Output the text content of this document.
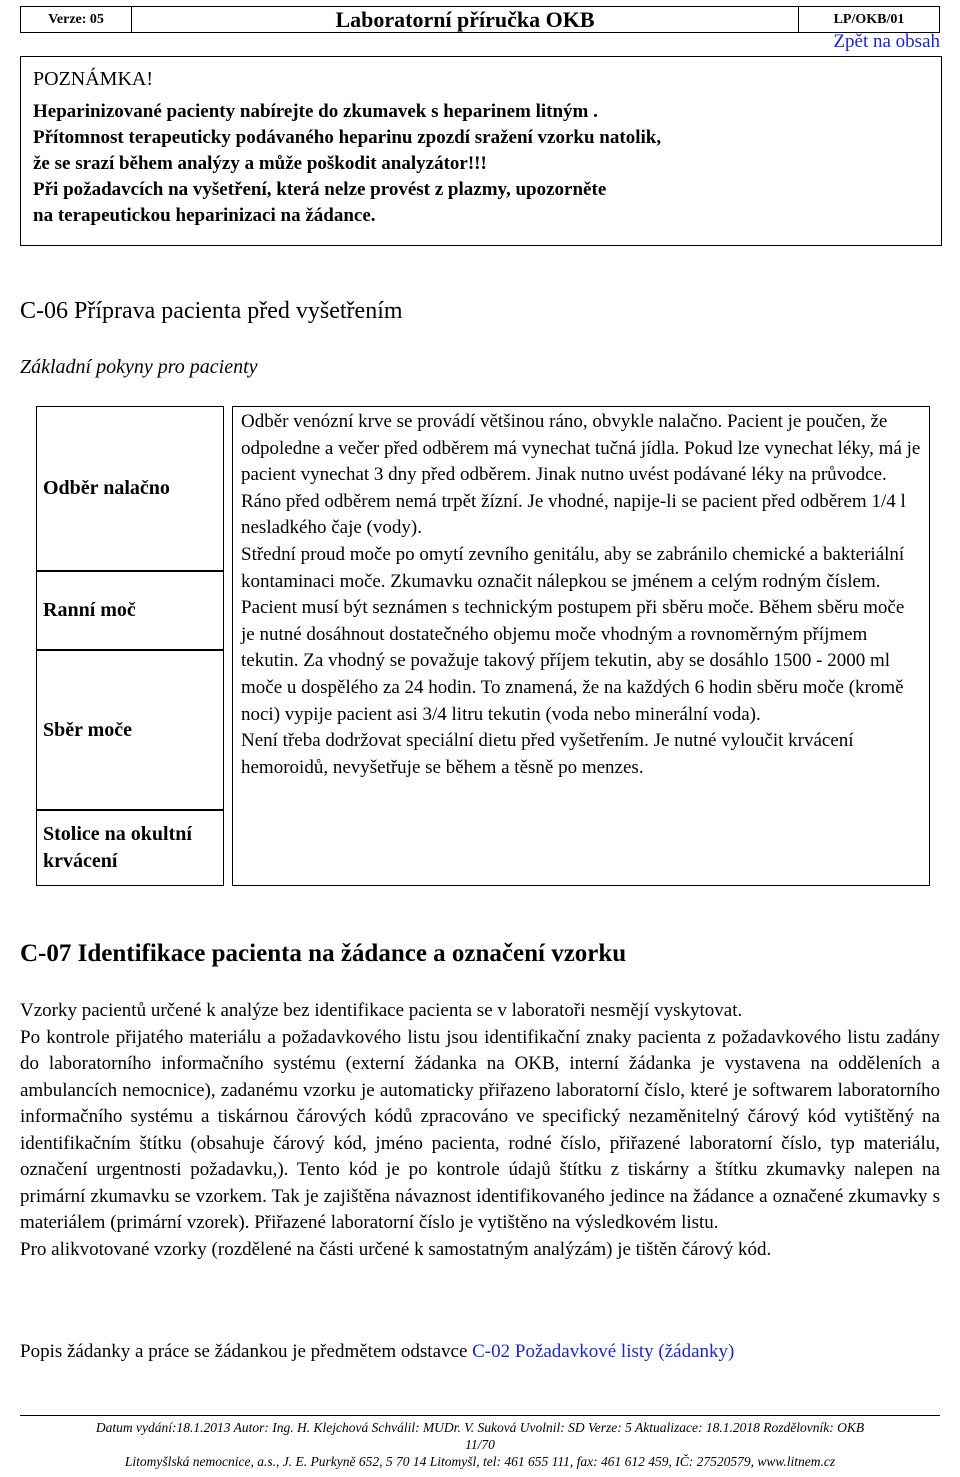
Verze: 05	Laboratorní příručka OKB	LP/OKB/01
Zpět na obsah
POZNÁMKA!
Heparinizované pacienty nabírejte do zkumavek s heparinem litným .
Přítomnost terapeuticky podávaného heparinu zpozdí sražení vzorku natolik,
že se srazí během analýzy a může poškodit analyzátor!!!
Při požadavcích na vyšetření, která nelze provést z plazmy, upozorněte
na terapeutickou heparinizaci na žádance.
C-06 Příprava pacienta před vyšetřením
Základní pokyny pro pacienty
Odběr nalačno
Ranní moč
Sběr moče
Stolice na okultní krvácení

Odběr venózní krve se provádí většinou ráno, obvykle nalačno. Pacient je poučen, že odpoledne a večer před odběrem má vynechat tučná jídla. Pokud lze vynechat léky, má je pacient vynechat 3 dny před odběrem. Jinak nutno uvést podávané léky na průvodce. Ráno před odběrem nemá trpět žízní. Je vhodné, napije-li se pacient před odběrem 1/4 l nesladkého čaje (vody).

Střední proud moče po omytí zevního genitálu, aby se zabránilo chemické a bakteriální kontaminaci moče. Zkumavku označit nálepkou se jménem a celým rodným číslem.

Pacient musí být seznámen s technickým postupem při sběru moče. Během sběru moče je nutné dosáhnout dostatečného objemu moče vhodným a rovnoměrným příjmem tekutin. Za vhodný se považuje takový příjem tekutin, aby se dosáhlo 1500 - 2000 ml moče u dospělého za 24 hodin. To znamená, že na každých 6 hodin sběru moče (kromě noci) vypije pacient asi 3/4 litru tekutin (voda nebo minerální voda).

Není třeba dodržovat speciální dietu před vyšetřením. Je nutné vyloučit krvácení hemoroidů, nevyšetřuje se během a těsně po menzes.

C-07 Identifikace pacienta na žádance a označení vzorku

Vzorky pacientů určené k analýze bez identifikace pacienta se v laboratoři nesmějí vyskytovat.

Po kontrole přijatého materiálu a požadavkového listu jsou identifikační znaky pacienta z požadavkového listu zadány do laboratorního informačního systému (externí žádanka na OKB, interní žádanka je vystavena na odděleních a ambulancích nemocnice), zadanému vzorku je automaticky přiřazeno laboratorní číslo, které je softwarem laboratorního informačního systému a tiskárnou čárových kódů zpracováno ve specifický nezaměnitelný čárový kód vytištěný na identifikačním štítku (obsahuje čárový kód, jméno pacienta, rodné číslo, přiřazené laboratorní číslo, typ materiálu, označení urgentnosti požadavku,). Tento kód je po kontrole údajů štítku z tiskárny a štítku zkumavky nalepen na primární zkumavku se vzorkem. Tak je zajištěna návaznost identifikovaného jedince na žádance a označené zkumavky s materiálem (primární vzorek). Přiřazené laboratorní číslo je vytištěno na výsledkovém listu.

Pro alikvotované vzorky (rozdělené na části určené k samostatným analýzám) je tištěn čárový kód.

Popis žádanky a práce se žádankou je předmětem odstavce C-02 Požadavkové listy (žádanky)

Datum vydání:18.1.2013 Autor: Ing. H. Klejchová Schválil: MUDr. V. Suková Uvolnil: SD Verze: 5 Aktualizace: 18.1.2018 Rozdělovník: OKB
11/70
Litomyšlská nemocnice, a.s., J. E. Purkyně 652, 5 70 14 Litomyšl, tel: 461 655 111, fax: 461 612 459, IČ: 27520579, www.litnem.cz
